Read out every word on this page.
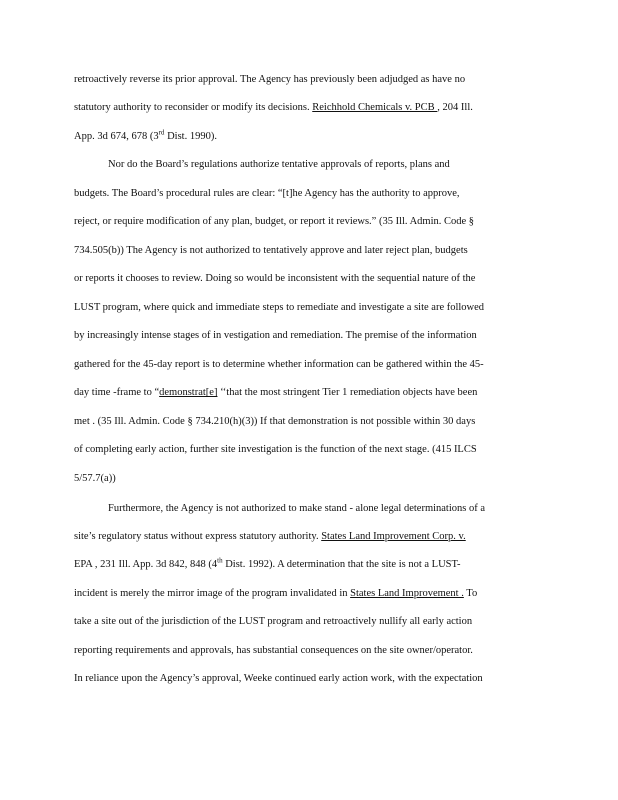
retroactively reverse its prior approval. The Agency has previously been adjudged as have no
statutory authority to reconsider or modify its decisions. Reichhold Chemicals v. PCB , 204 Ill.
App. 3d 674, 678 (3rd Dist. 1990).
Nor do the Board’s regulations authorize tentative approvals of reports, plans and
budgets. The Board’s procedural rules are clear: “[t]he Agency has the authority to approve,
reject, or require modification of any plan, budget, or report it reviews.” (35 Ill. Admin. Code §
734.505(b)) The Agency is not authorized to tentatively approve and later reject plan, budgets
or reports it chooses to review. Doing so would be inconsistent with the sequential nature of the
LUST program, where quick and immediate steps to remediate and investigate a site are followed
by increasingly intense stages of in vestigation and remediation. The premise of the information
gathered for the 45-day report is to determine whether information can be gathered within the 45-
day time -frame to “demonstrat[e] ‘‘that the most stringent Tier 1 remediation objects have been
met . (35 Ill. Admin. Code § 734.210(h)(3)) If that demonstration is not possible within 30 days
of completing early action, further site investigation is the function of the next stage. (415 ILCS
5/57.7(a))
Furthermore, the Agency is not authorized to make stand - alone legal determinations of a
site’s regulatory status without express statutory authority. States Land Improvement Corp. v.
EPA , 231 Ill. App. 3d 842, 848 (4th Dist. 1992). A determination that the site is not a LUST-
incident is merely the mirror image of the program invalidated in States Land Improvement . To
take a site out of the jurisdiction of the LUST program and retroactively nullify all early action
reporting requirements and approvals, has substantial consequences on the site owner/operator.
In reliance upon the Agency’s approval, Weeke continued early action work, with the expectation
